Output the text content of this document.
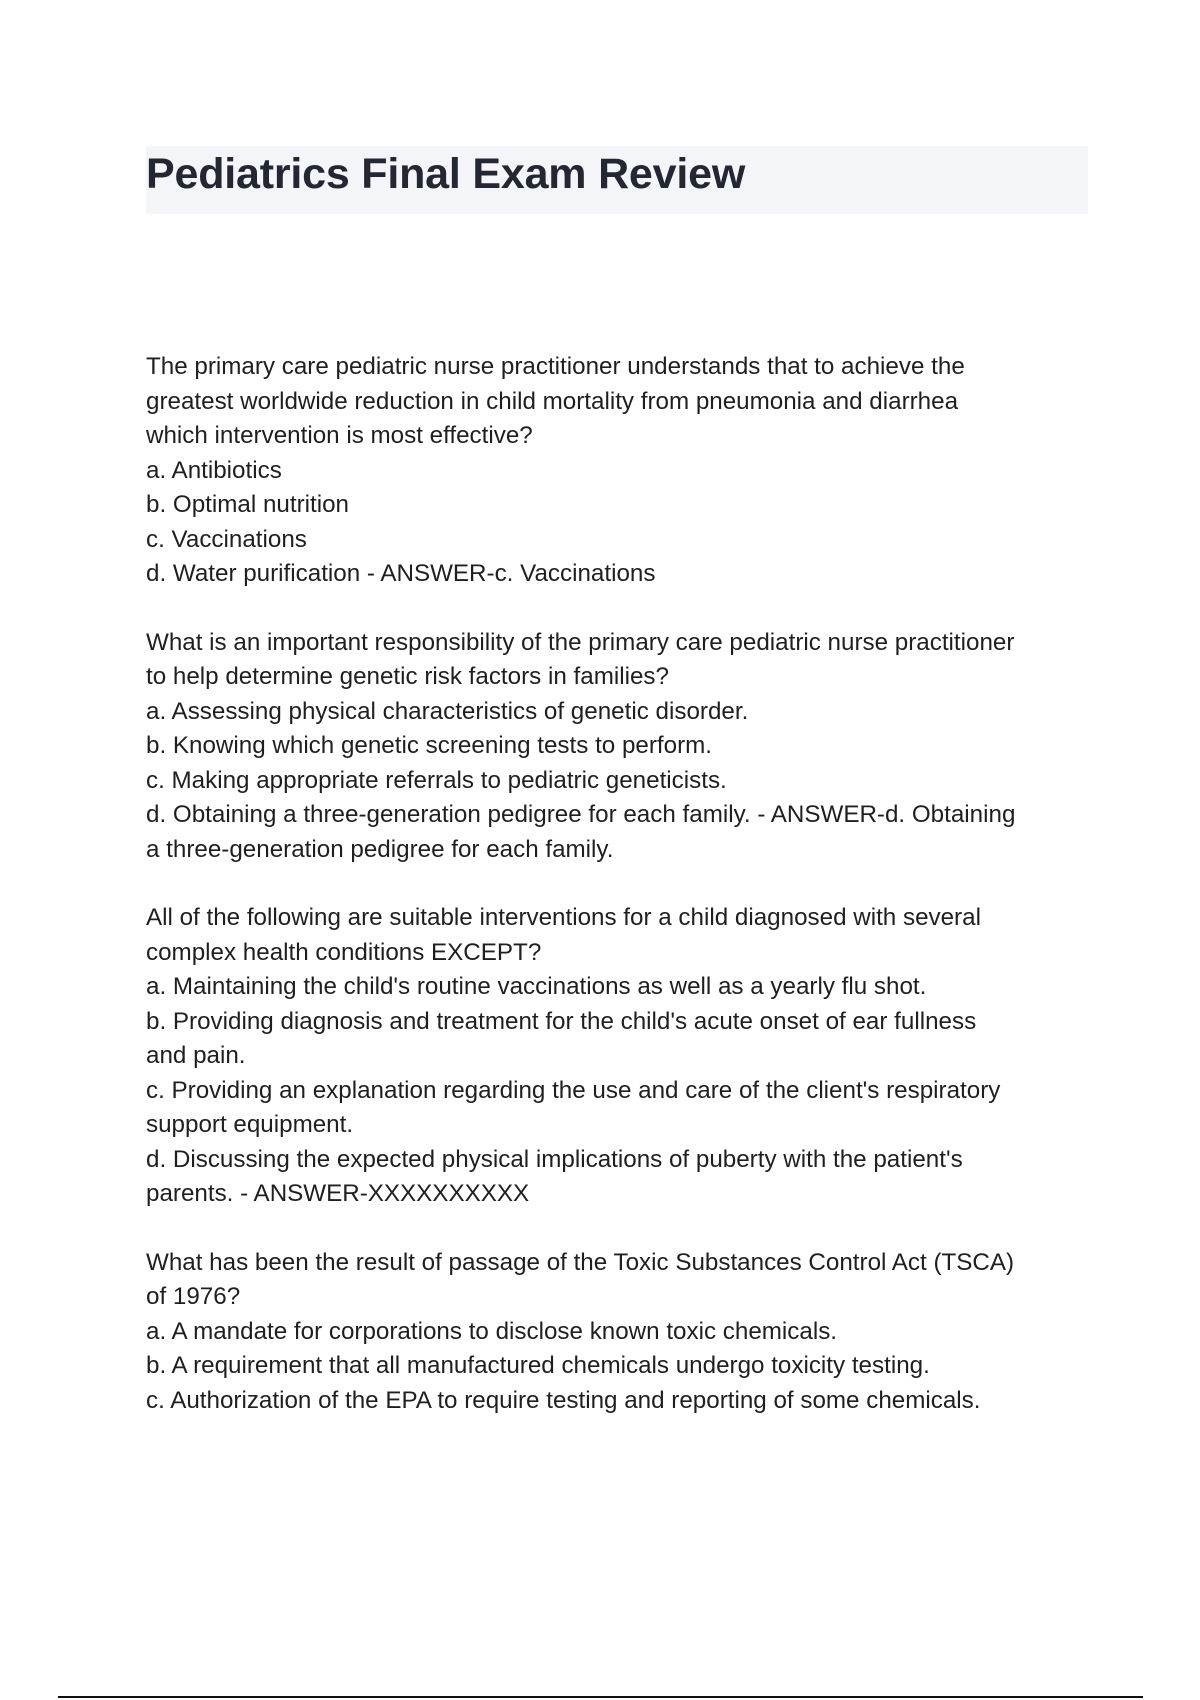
Pediatrics Final Exam Review
The primary care pediatric nurse practitioner understands that to achieve the
greatest worldwide reduction in child mortality from pneumonia and diarrhea
which intervention is most effective?
a. Antibiotics
b. Optimal nutrition
c. Vaccinations
d. Water purification - ANSWER-c. Vaccinations
What is an important responsibility of the primary care pediatric nurse practitioner
to help determine genetic risk factors in families?
a. Assessing physical characteristics of genetic disorder.
b. Knowing which genetic screening tests to perform.
c. Making appropriate referrals to pediatric geneticists.
d. Obtaining a three-generation pedigree for each family. - ANSWER-d. Obtaining
a three-generation pedigree for each family.
All of the following are suitable interventions for a child diagnosed with several
complex health conditions EXCEPT?
a. Maintaining the child's routine vaccinations as well as a yearly flu shot.
b. Providing diagnosis and treatment for the child's acute onset of ear fullness
and pain.
c. Providing an explanation regarding the use and care of the client's respiratory
support equipment.
d. Discussing the expected physical implications of puberty with the patient's
parents. - ANSWER-XXXXXXXXXX
What has been the result of passage of the Toxic Substances Control Act (TSCA)
of 1976?
a. A mandate for corporations to disclose known toxic chemicals.
b. A requirement that all manufactured chemicals undergo toxicity testing.
c. Authorization of the EPA to require testing and reporting of some chemicals.
